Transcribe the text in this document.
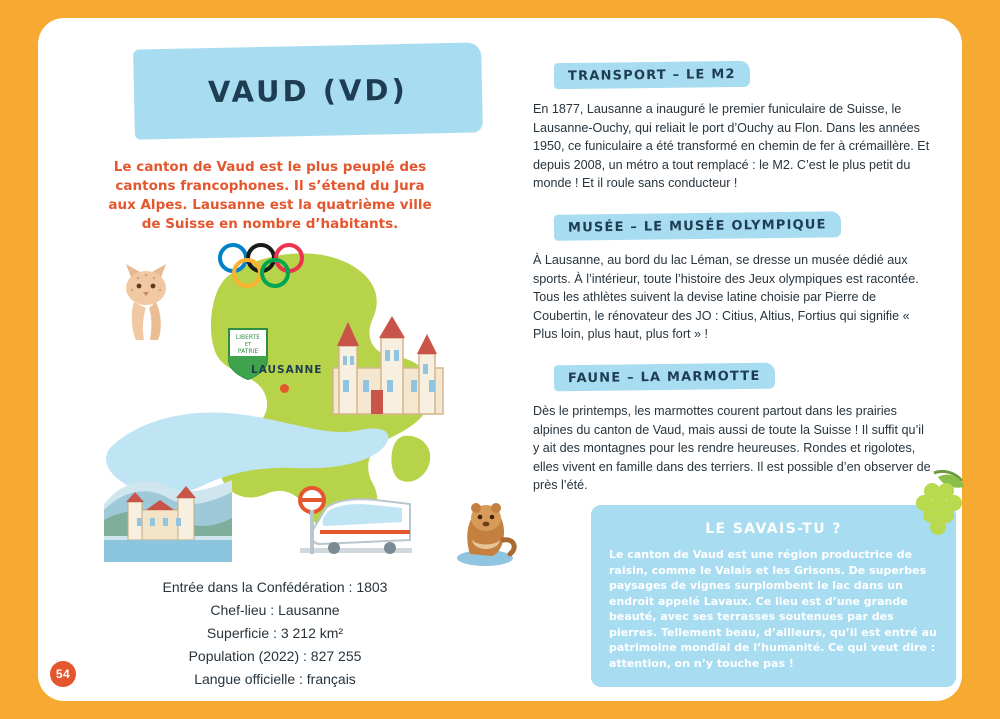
54
VAUD (VD)
Le canton de Vaud est le plus peuplé des cantons francophones. Il s’étend du Jura aux Alpes. Lausanne est la quatrième ville de Suisse en nombre d’habitants.
LIBERTE
ET
PATRIE
LAUSANNE
Entrée dans la Confédération : 1803
Chef-lieu : Lausanne
Superficie : 3 212 km²
Population (2022) : 827 255
Langue officielle : français
TRANSPORT – LE M2
En 1877, Lausanne a inauguré le premier funiculaire de Suisse, le Lausanne-Ouchy, qui reliait le port d’Ouchy au Flon. Dans les années 1950, ce funiculaire a été transformé en chemin de fer à crémaillère. Et depuis 2008, un métro a tout remplacé : le M2. C’est le plus petit du monde ! Et il roule sans conducteur !
MUSÉE – LE MUSÉE OLYMPIQUE
À Lausanne, au bord du lac Léman, se dresse un musée dédié aux sports. À l’intérieur, toute l’histoire des Jeux olympiques est racontée. Tous les athlètes suivent la devise latine choisie par Pierre de Coubertin, le rénovateur des JO : Citius, Altius, Fortius qui signifie « Plus loin, plus haut, plus fort » !
FAUNE – LA MARMOTTE
Dès le printemps, les marmottes courent partout dans les prairies alpines du canton de Vaud, mais aussi de toute la Suisse ! Il suffit qu’il y ait des montagnes pour les rendre heureuses. Rondes et rigolotes, elles vivent en famille dans des terriers. Il est possible d’en observer de près l’été.
LE SAVAIS-TU ?
Le canton de Vaud est une région productrice de raisin, comme le Valais et les Grisons. De superbes paysages de vignes surplombent le lac dans un endroit appelé Lavaux. Ce lieu est d’une grande beauté, avec ses terrasses soutenues par des pierres. Tellement beau, d’ailleurs, qu’il est entré au patrimoine mondial de l’humanité. Ce qui veut dire : attention, on n’y touche pas !
